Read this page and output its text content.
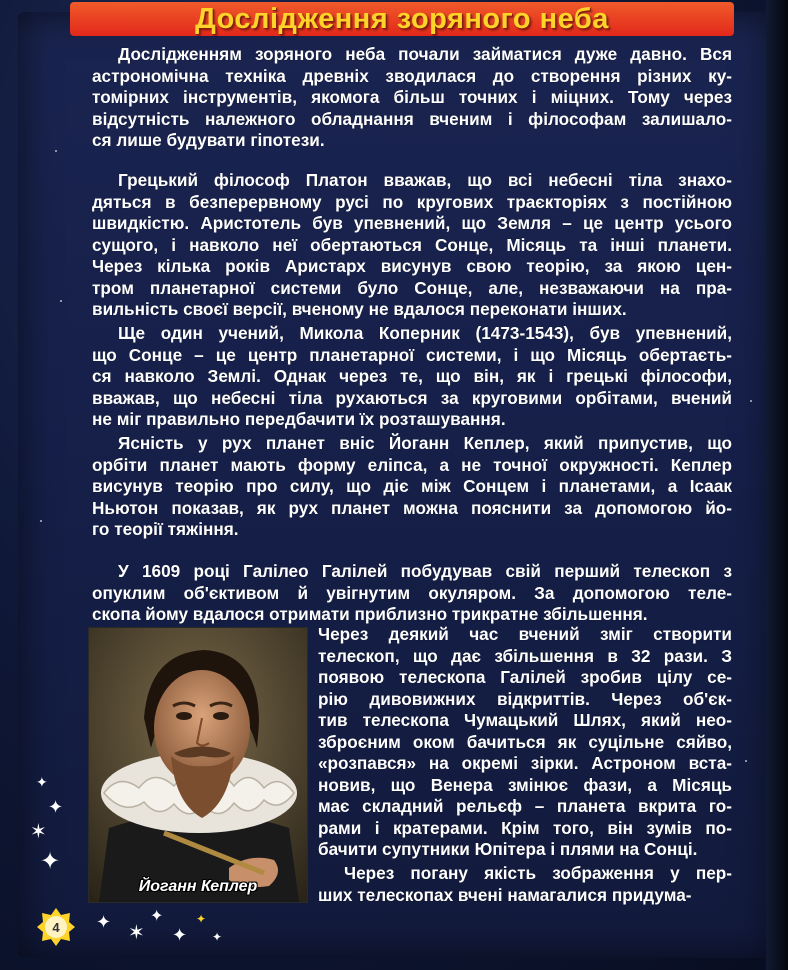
Дослідження зоряного неба
Дослідженням зоряного неба почали займатися дуже давно. Вся
астрономічна техніка древніх зводилася до створення різних ку-
томірних інструментів, якомога більш точних і міцних. Тому через
відсутність належного обладнання вченим і філософам залишало-
ся лише будувати гіпотези.
Грецький філософ Платон вважав, що всі небесні тіла знахо-
дяться в безперервному русі по кругових траєкторіях з постійною
швидкістю. Аристотель був упевнений, що Земля – це центр усього
сущого, і навколо неї обертаються Сонце, Місяць та інші планети.
Через кілька років Аристарх висунув свою теорію, за якою цен-
тром планетарної системи було Сонце, але, незважаючи на пра-
вильність своєї версії, вченому не вдалося переконати інших.
Ще один учений, Микола Коперник (1473-1543), був упевнений,
що Сонце – це центр планетарної системи, і що Місяць обертаєть-
ся навколо Землі. Однак через те, що він, як і грецькі філософи,
вважав, що небесні тіла рухаються за круговими орбітами, вчений
не міг правильно передбачити їх розташування.
Ясність у рух планет вніс Йоганн Кеплер, який припустив, що
орбіти планет мають форму еліпса, а не точної окружності. Кеплер
висунув теорію про силу, що діє між Сонцем і планетами, а Ісаак
Ньютон показав, як рух планет можна пояснити за допомогою йо-
го теорії тяжіння.
У 1609 році Галілео Галілей побудував свій перший телескоп з
опуклим об'єктивом й увігнутим окуляром. За допомогою теле-
скопа йому вдалося отримати приблизно трикратне збільшення.
Через деякий час вчений зміг створити
телескоп, що дає збільшення в 32 рази. З
появою телескопа Галілей зробив цілу се-
рію дивовижних відкриттів. Через об'єк-
тив телескопа Чумацький Шлях, який нео-
зброєним оком бачиться як суцільне сяйво,
«розпався» на окремі зірки. Астроном вста-
новив, що Венера змінює фази, а Місяць
має складний рельєф – планета вкрита го-
рами і кратерами. Крім того, він зумів по-
бачити супутники Юпітера і плями на Сонці.
Через погану якість зображення у пер-
ших телескопах вчені намагалися придума-
Йоганн Кеплер
✦
✦
✶
✦
✦ ✶
✦
✦
✦
✦
4
